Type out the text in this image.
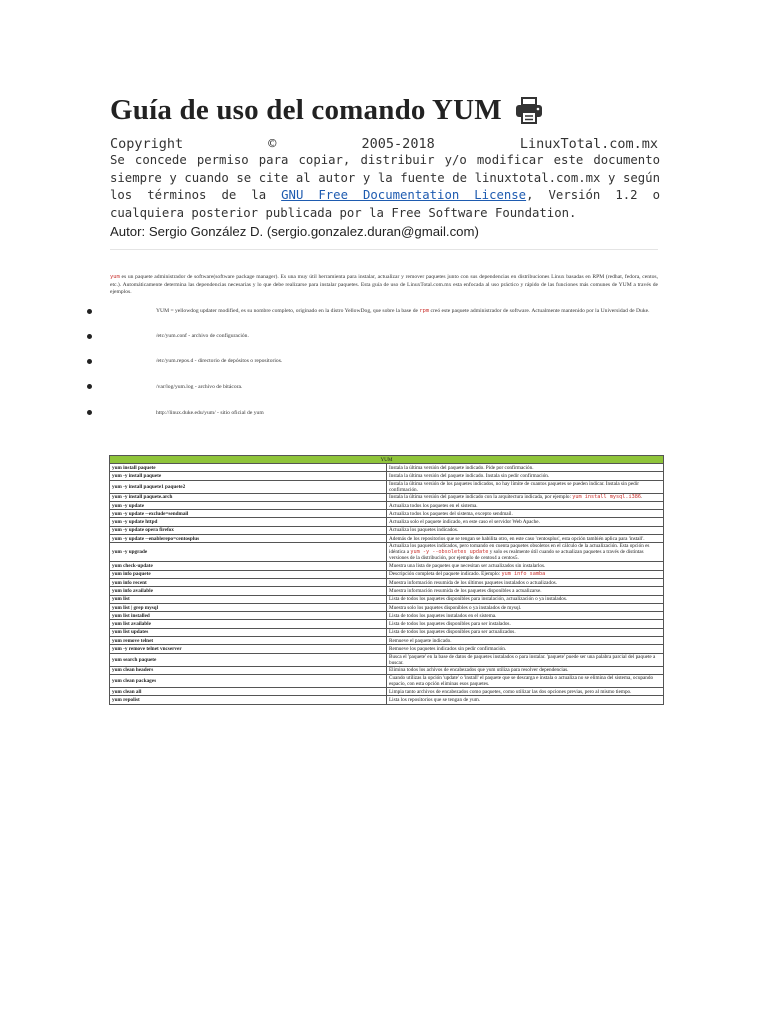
Guía de uso del comando YUM
Copyright	©	2005-2018	LinuxTotal.com.mx
Se concede permiso para copiar, distribuir y/o modificar este documento siempre y cuando se cite al autor y la fuente de linuxtotal.com.mx y según los términos de la GNU Free Documentation License, Versión 1.2 o cualquiera posterior publicada por la Free Software Foundation.
Autor: Sergio González D. (sergio.gonzalez.duran@gmail.com)
yum es un paquete administrador de software(software package manager). Es una muy útil herramienta para instalar, actualizar y remover paquetes junto con sus dependencias en distribuciones Linux basadas en RPM (redhat, fedora, centos, etc.). Automáticamente determina las dependencias necesarias y lo que debe realizarse para instalar paquetes. Esta guía de uso de LinuxTotal.com.mx esta enfocada al uso práctico y rápido de las funciones más comunes de YUM a través de ejemplos.
YUM = yellowdog updater modified, es su nombre completo, originado en la distro YellowDog, que sobre la base de rpm creó este paquete administrador de software. Actualmente mantenido por la Universidad de Duke.
/etc/yum.conf - archivo de configuración.
/etc/yum.repos.d - directorio de depósitos o repositorios.
/var/log/yum.log - archivo de bitácora.
http://linux.duke.edu/yum/ - sitio oficial de yum
YUM	
yum install paquete	Instala la última versión del paquete indicado. Pide por confirmación.
yum -y install paquete	Instala la última versión del paquete indicado. Instala sin pedir confirmación.
yum -y install paquete1 paquete2	Instala la última versión de los paquetes indicados, no hay límite de cuantos paquetes se pueden indicar. Instala sin pedir confirmación.
yum -y install paquete.arch	Instala la última versión del paquete indicado con la arquitectura indicada, por ejemplo: yum install mysql.i386.
yum -y update	Actualiza todos los paquetes en el sistema.
yum -y update --exclude=sendmail	Actualiza todos los paquetes del sistema, excepto sendmail.
yum -y update httpd	Actualiza solo el paquete indicado, en este caso el servidor Web Apache.
yum -y update opera firefox	Actualiza los paquetes indicados.
yum -y update --enablerepo=centosplus	Además de los repositorios que se tengan se habilita otro, en este caso 'centosplus', esta opción también aplica para 'install'.
yum -y upgrade	Actualiza los paquetes indicados, pero tomando en cuenta paquetes obsoletos en el cálculo de la actualización. Esta opción es idéntica a yum -y --obsoletes update y solo es realmente útil cuando se actualizan paquetes a través de distintas versiones de la distribución, por ejemplo de centos4 a centos5.
yum check-update	Muestra una lista de paquetes que necesitan ser actualizados sin instalarlos.
yum info paquete	Descripción completa del paquete indicado. Ejemplo: yum info samba
yum info recent	Muestra información resumida de los últimos paquetes instalados o actualizados.
yum info available	Muestra información resumida de los paquetes disponibles a actualizarse.
yum list	Lista de todos los paquetes disponibles para instalación, actualización o ya instalados.
yum list | grep mysql	Muestra solo los paquetes disponibles o ya instalados de mysql.
yum list installed	Lista de todos los paquetes instalados en el sistema.
yum list available	Lista de todos los paquetes disponibles para ser instalados.
yum list updates	Lista de todos los paquetes disponibles para ser actualizados.
yum remove telnet	Remueve el paquete indicado.
yum -y remove telnet vncserver	Remueve los paquetes indicados sin pedir confirmación.
yum search paquete	Busca el 'paquete' en la base de datos de paquetes instalados o para instalar. 'paquete' puede ser una palabra parcial del paquete a buscar.
yum clean headers	Elimina todos los achivos de encabezados que yum utiliza para resolver dependencias.
yum clean packages	Cuando utilizas la opción 'update' o 'install' el paquete que se descarga e instala o actualiza no se elimina del sistema, ocupando espacio, con esta opción eliminas esos paquetes.
yum clean all	Limpia tanto archivos de encabezados como paquetes, como utilizar las dos opciones previas, pero al mismo tiempo.
yum repolist	Lista los repositorios que se tengan de yum.
